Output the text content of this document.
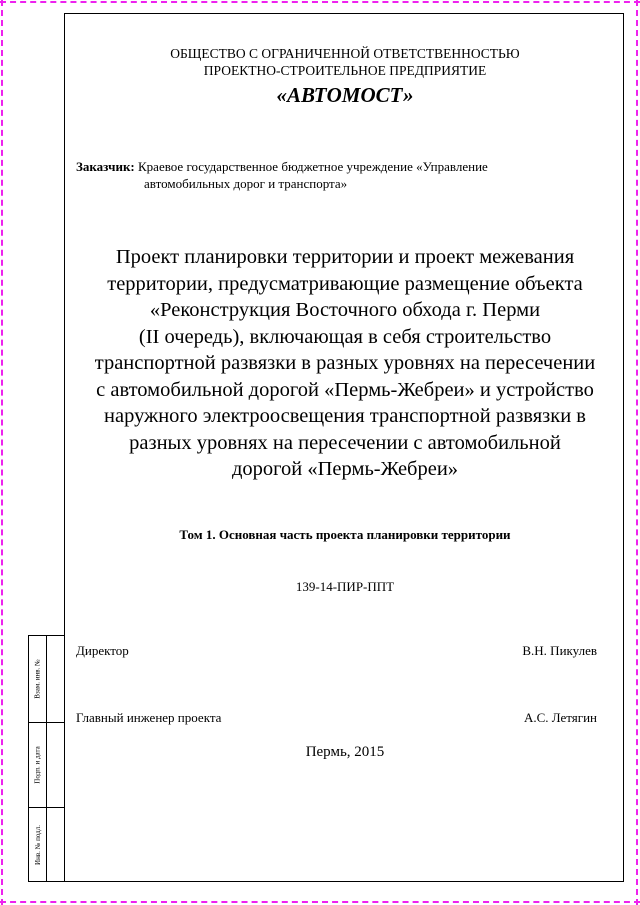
Взам. инв. №
Подп. и дата
Инв. № подл.
ОБЩЕСТВО С ОГРАНИЧЕННОЙ ОТВЕТСТВЕННОСТЬЮ
ПРОЕКТНО-СТРОИТЕЛЬНОЕ ПРЕДПРИЯТИЕ
«АВТОМОСТ»
Заказчик: Краевое государственное бюджетное учреждение «Управление
автомобильных дорог и транспорта»
Проект планировки территории и проект межевания
территории, предусматривающие размещение объекта
«Реконструкция Восточного обхода г. Перми
(II очередь), включающая в себя строительство
транспортной развязки в разных уровнях на пересечении
с автомобильной дорогой «Пермь-Жебреи» и устройство
наружного электроосвещения транспортной развязки в
разных уровнях на пересечении с автомобильной
дорогой «Пермь-Жебреи»
Том 1. Основная часть проекта планировки территории
139-14-ПИР-ППТ
Директор	В.Н. Пикулев
Главный инженер проекта	А.С. Летягин
Пермь, 2015
